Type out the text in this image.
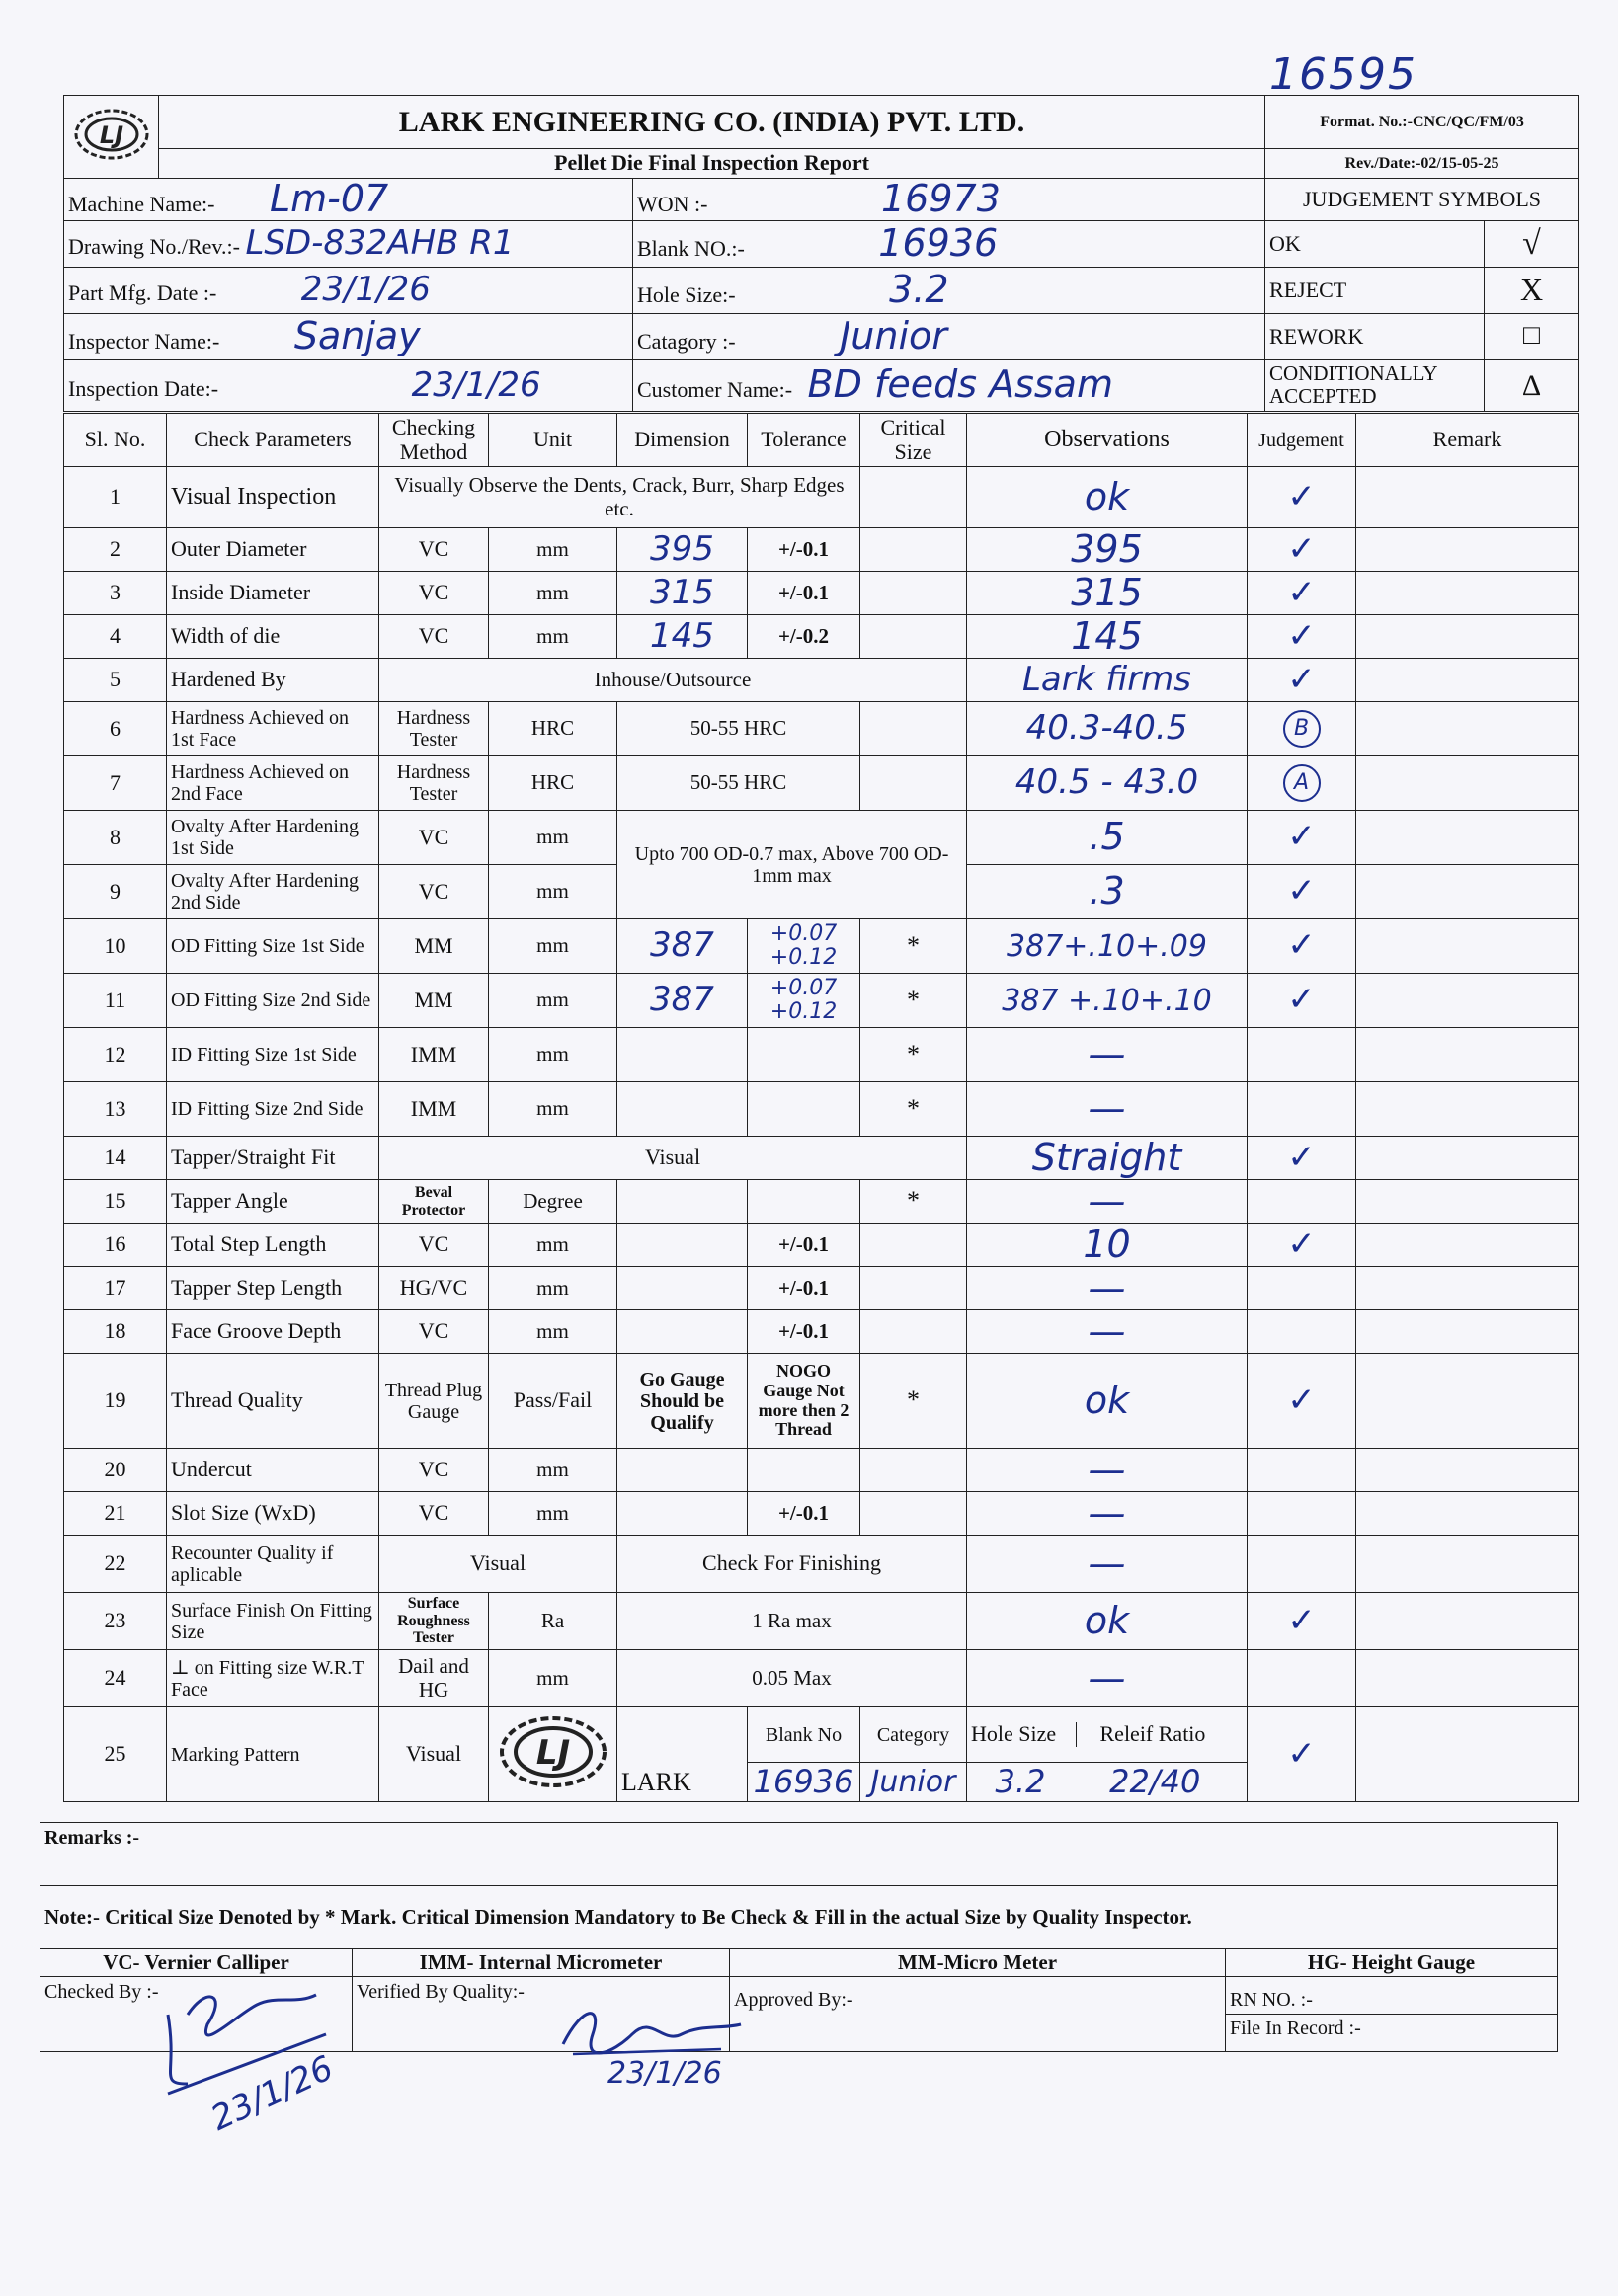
16595
LJ	LARK ENGINEERING CO. (INDIA) PVT. LTD.		Format. No.:-CNC/QC/FM/03	
	Pellet Die Final Inspection Report		Rev./Date:-02/15-05-25	
Machine Name:- Lm-07		WON :- 16973	JUDGEMENT SYMBOLS	
Drawing No./Rev.:- LSD-832AHB R1		Blank NO.:- 16936	OK	√
Part Mfg. Date :- 23/1/26		Hole Size:- 3.2	REJECT	X
Inspector Name:- Sanjay		Catagory :- Junior	REWORK	□
Inspection Date:- 23/1/26		Customer Name:- BD feeds Assam	CONDITIONALLY ACCEPTED	Δ
Sl. No.	Check Parameters	Checking Method	Unit	Dimension	Tolerance	Critical Size	Observations	Judgement	Remark
1	Visual Inspection	Visually Observe the Dents, Crack, Burr, Sharp Edges etc.					ok	✓	
2	Outer Diameter	VC	mm	395	+/-0.1		395	✓	
3	Inside Diameter	VC	mm	315	+/-0.1		315	✓	
4	Width of die	VC	mm	145	+/-0.2		145	✓	
5	Hardened By	Inhouse/Outsource					Lark firms	✓	
6	Hardness Achieved on 1st Face	Hardness Tester	HRC	50-55 HRC			40.3-40.5	B	
7	Hardness Achieved on 2nd Face	Hardness Tester	HRC	50-55 HRC			40.5 - 43.0	A	
8	Ovalty After Hardening 1st Side	VC	mm	Upto 700 OD-0.7 max, Above 700 OD-1mm max			.5	✓	
9	Ovalty After Hardening 2nd Side	VC	mm				.3	✓	
10	OD Fitting Size 1st Side	MM	mm	387	+0.07 +0.12	*	387+.10+.09	✓	
11	OD Fitting Size 2nd Side	MM	mm	387	+0.07 +0.12	*	387 +.10+.10	✓	
12	ID Fitting Size 1st Side	IMM	mm			*	—		
13	ID Fitting Size 2nd Side	IMM	mm			*	—		
14	Tapper/Straight Fit	Visual					Straight	✓	
15	Tapper Angle	Beval Protector	Degree			*	—		
16	Total Step Length	VC	mm		+/-0.1		10	✓	
17	Tapper Step Length	HG/VC	mm		+/-0.1		—		
18	Face Groove Depth	VC	mm		+/-0.1		—		
19	Thread Quality	Thread Plug Gauge	Pass/Fail	Go Gauge Should be Qualify	NOGO Gauge Not more then 2 Thread	*	ok	✓	
20	Undercut	VC	mm				—		
21	Slot Size (WxD)	VC	mm		+/-0.1		—		
22	Recounter Quality if aplicable	Visual		Check For Finishing			—		
23	Surface Finish On Fitting Size	Surface Roughness Tester	Ra	1 Ra max			ok	✓	
24	⊥ on Fitting size W.R.T Face	Dail and HG	mm	0.05 Max			—		
25	Marking Pattern	Visual	LJ	LARK	Blank No	Category	Hole Size Releif Ratio	✓	
					16936	Junior	3.2 22/40		
Remarks :-			
Note:- Critical Size Denoted by * Mark. Critical Dimension Mandatory to Be Check & Fill in the actual Size by Quality Inspector.			
VC- Vernier Calliper	IMM- Internal Micrometer	MM-Micro Meter	HG- Height Gauge
Checked By :-	Verified By Quality:-	Approved By:-	RN NO. :-
File In Record :-
23/1/26	23/1/26
